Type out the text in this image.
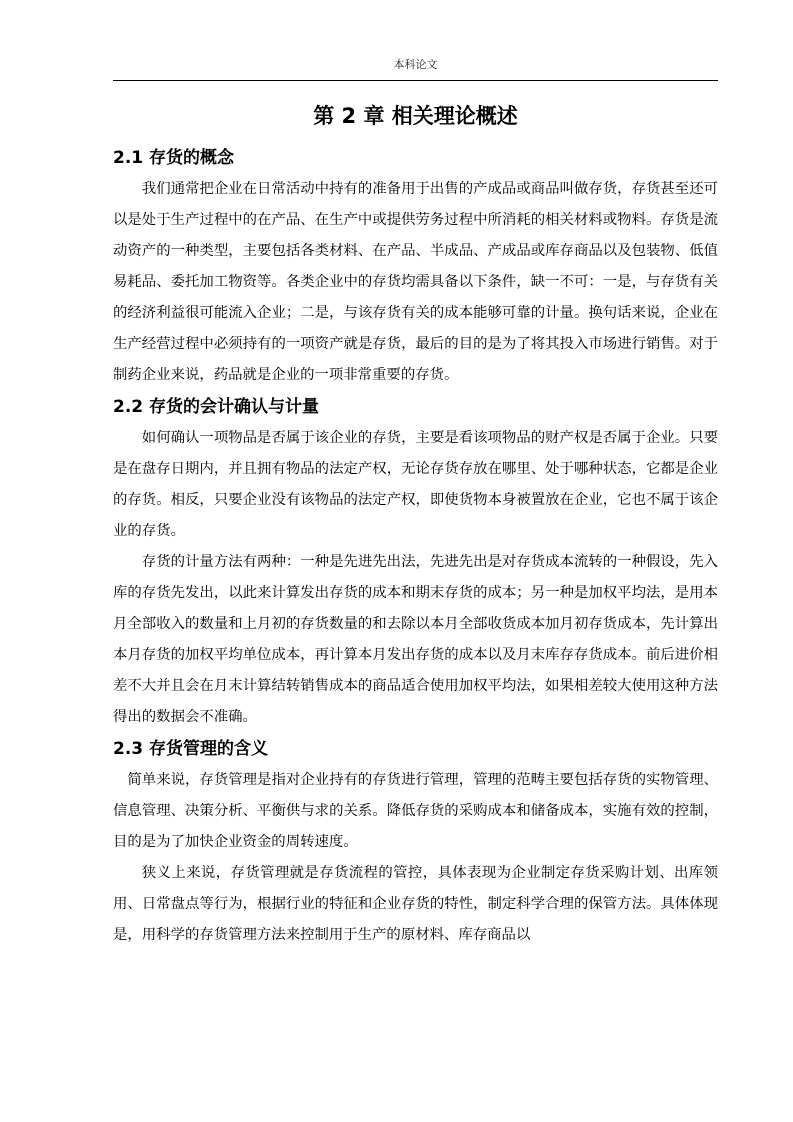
本科论文
第 2 章 相关理论概述
2.1 存货的概念

我们通常把企业在日常活动中持有的准备用于出售的产成品或商品叫做存货，存货甚至还可以是处于生产过程中的在产品、在生产中或提供劳务过程中所消耗的相关材料或物料。存货是流动资产的一种类型，主要包括各类材料、在产品、半成品、产成品或库存商品以及包装物、低值易耗品、委托加工物资等。各类企业中的存货均需具备以下条件，缺一不可：一是，与存货有关的经济利益很可能流入企业；二是，与该存货有关的成本能够可靠的计量。换句话来说，企业在生产经营过程中必须持有的一项资产就是存货，最后的目的是为了将其投入市场进行销售。对于制药企业来说，药品就是企业的一项非常重要的存货。

2.2 存货的会计确认与计量

如何确认一项物品是否属于该企业的存货，主要是看该项物品的财产权是否属于企业。只要是在盘存日期内，并且拥有物品的法定产权，无论存货存放在哪里、处于哪种状态，它都是企业的存货。相反，只要企业没有该物品的法定产权，即使货物本身被置放在企业，它也不属于该企业的存货。

存货的计量方法有两种：一种是先进先出法，先进先出是对存货成本流转的一种假设，先入库的存货先发出，以此来计算发出存货的成本和期末存货的成本；另一种是加权平均法，是用本月全部收入的数量和上月初的存货数量的和去除以本月全部收货成本加月初存货成本，先计算出本月存货的加权平均单位成本，再计算本月发出存货的成本以及月末库存存货成本。前后进价相差不大并且会在月末计算结转销售成本的商品适合使用加权平均法，如果相差较大使用这种方法得出的数据会不准确。

2.3 存货管理的含义

简单来说，存货管理是指对企业持有的存货进行管理，管理的范畴主要包括存货的实物管理、信息管理、决策分析、平衡供与求的关系。降低存货的采购成本和储备成本，实施有效的控制，目的是为了加快企业资金的周转速度。

狭义上来说，存货管理就是存货流程的管控，具体表现为企业制定存货采购计划、出库领用、日常盘点等行为，根据行业的特征和企业存货的特性，制定科学合理的保管方法。具体体现是，用科学的存货管理方法来控制用于生产的原材料、库存商品以
